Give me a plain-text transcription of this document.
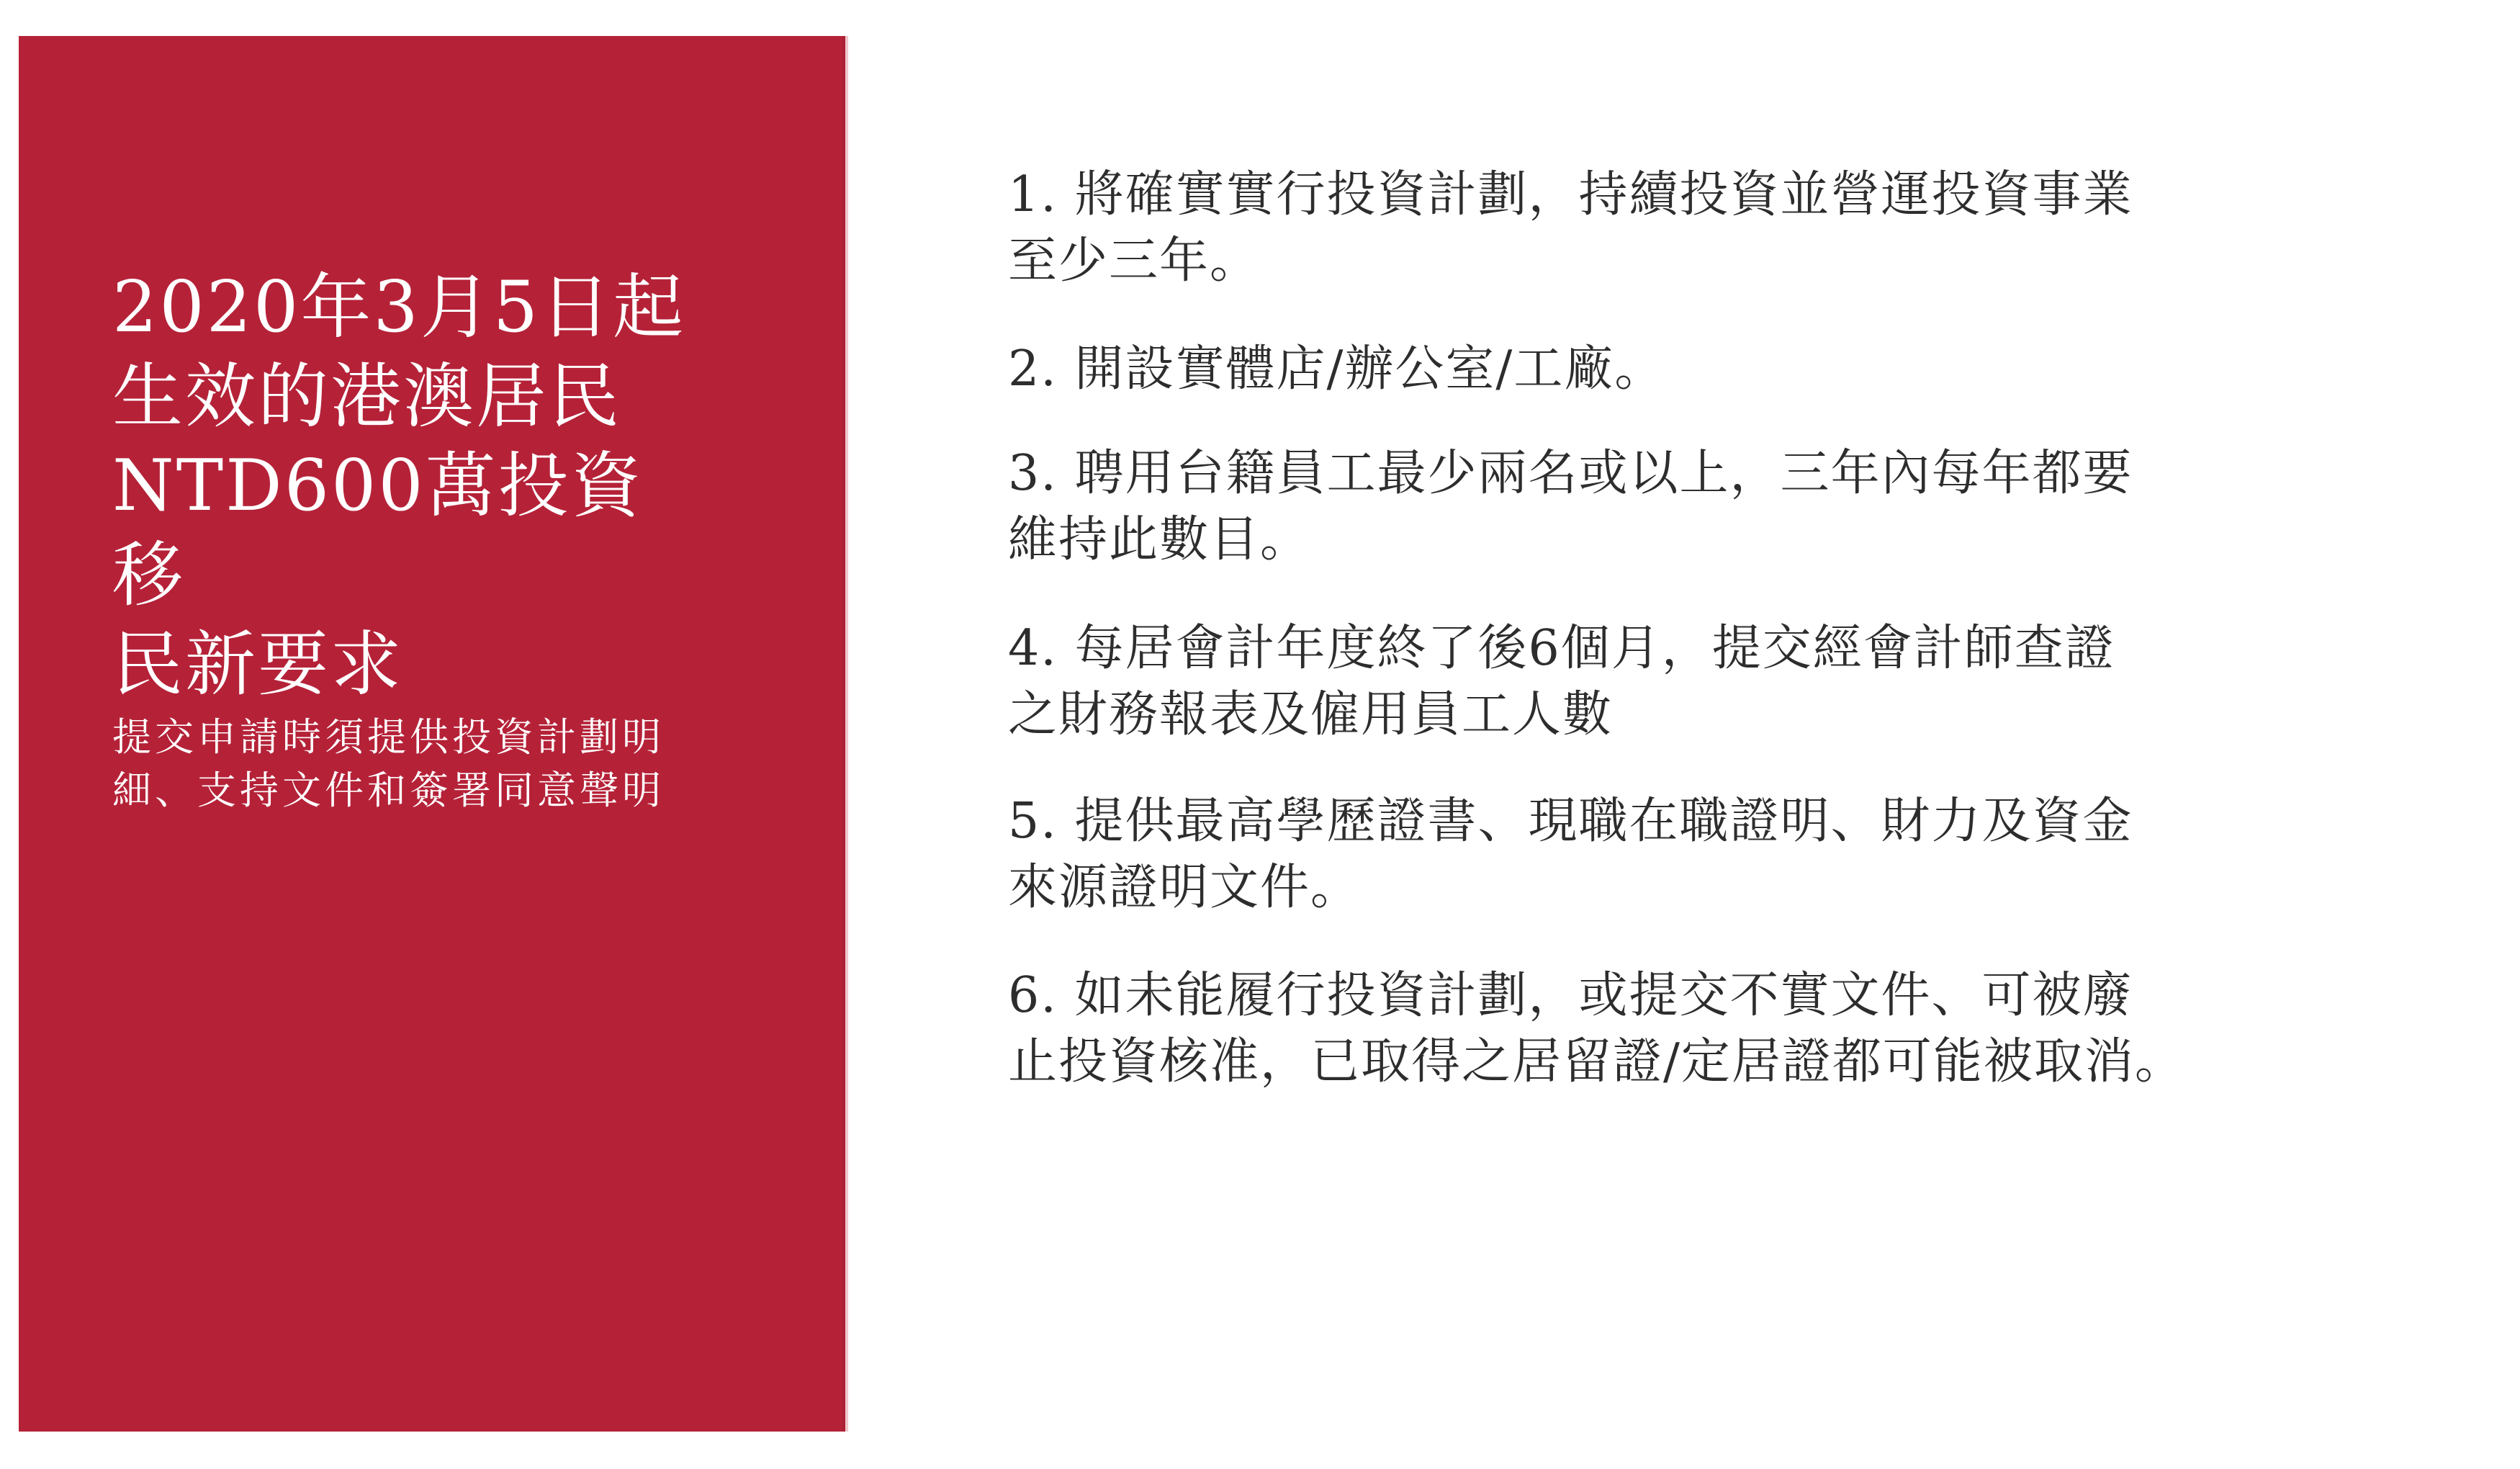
2020年3月5日起
生效的港澳居民
NTD600萬投資移
民新要求

提交申請時須提供投資計劃明
細、支持文件和簽署同意聲明

1. 將確實實行投資計劃，持續投資並營運投資事業
至少三年。
2. 開設實體店/辦公室/工廠。
3. 聘用台籍員工最少兩名或以上，三年內每年都要
維持此數目。
4. 每居會計年度終了後6個月，提交經會計師查證
之財務報表及僱用員工人數
5. 提供最高學歷證書、現職在職證明、財力及資金
來源證明文件。
6. 如未能履行投資計劃，或提交不實文件、可被廢
止投資核准，已取得之居留證/定居證都可能被取消。
